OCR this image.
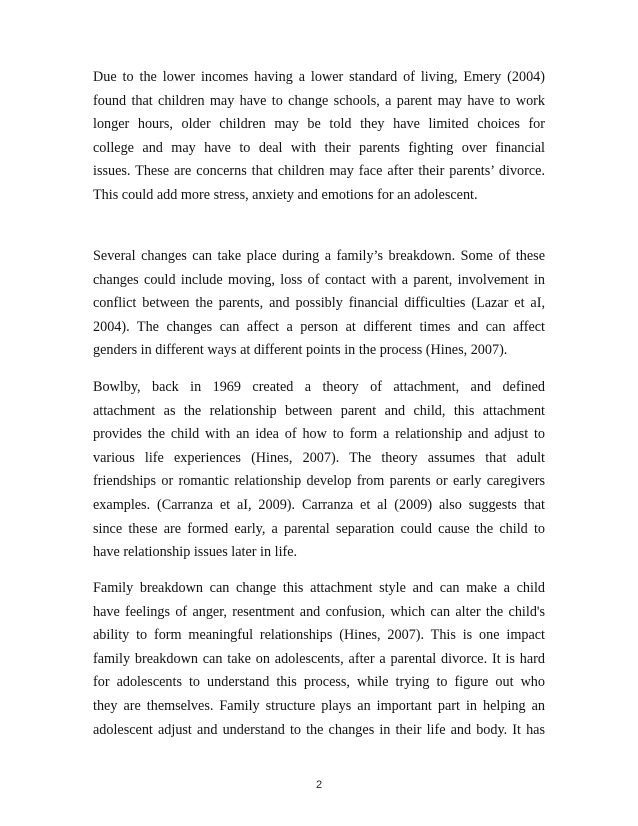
Due to the lower incomes having a lower standard of living, Emery (2004)
found that children may have to change schools, a parent may have to work
longer hours, older children may be told they have limited choices for
college and may have to deal with their parents fighting over financial
issues. These are concerns that children may face after their parents’ divorce.
This could add more stress, anxiety and emotions for an adolescent.
Several changes can take place during a family’s breakdown. Some of these
changes could include moving, loss of contact with a parent, involvement in
conflict between the parents, and possibly financial difficulties (Lazar et aI,
2004). The changes can affect a person at different times and can affect
genders in different ways at different points in the process (Hines, 2007).
Bowlby, back in 1969 created a theory of attachment, and defined
attachment as the relationship between parent and child, this attachment
provides the child with an idea of how to form a relationship and adjust to
various life experiences (Hines, 2007). The theory assumes that adult
friendships or romantic relationship develop from parents or early caregivers
examples. (Carranza et aI, 2009). Carranza et al (2009) also suggests that
since these are formed early, a parental separation could cause the child to
have relationship issues later in life.
Family breakdown can change this attachment style and can make a child
have feelings of anger, resentment and confusion, which can alter the child's
ability to form meaningful relationships (Hines, 2007). This is one impact
family breakdown can take on adolescents, after a parental divorce. It is hard
for adolescents to understand this process, while trying to figure out who
they are themselves. Family structure plays an important part in helping an
adolescent adjust and understand to the changes in their life and body. It has
2
